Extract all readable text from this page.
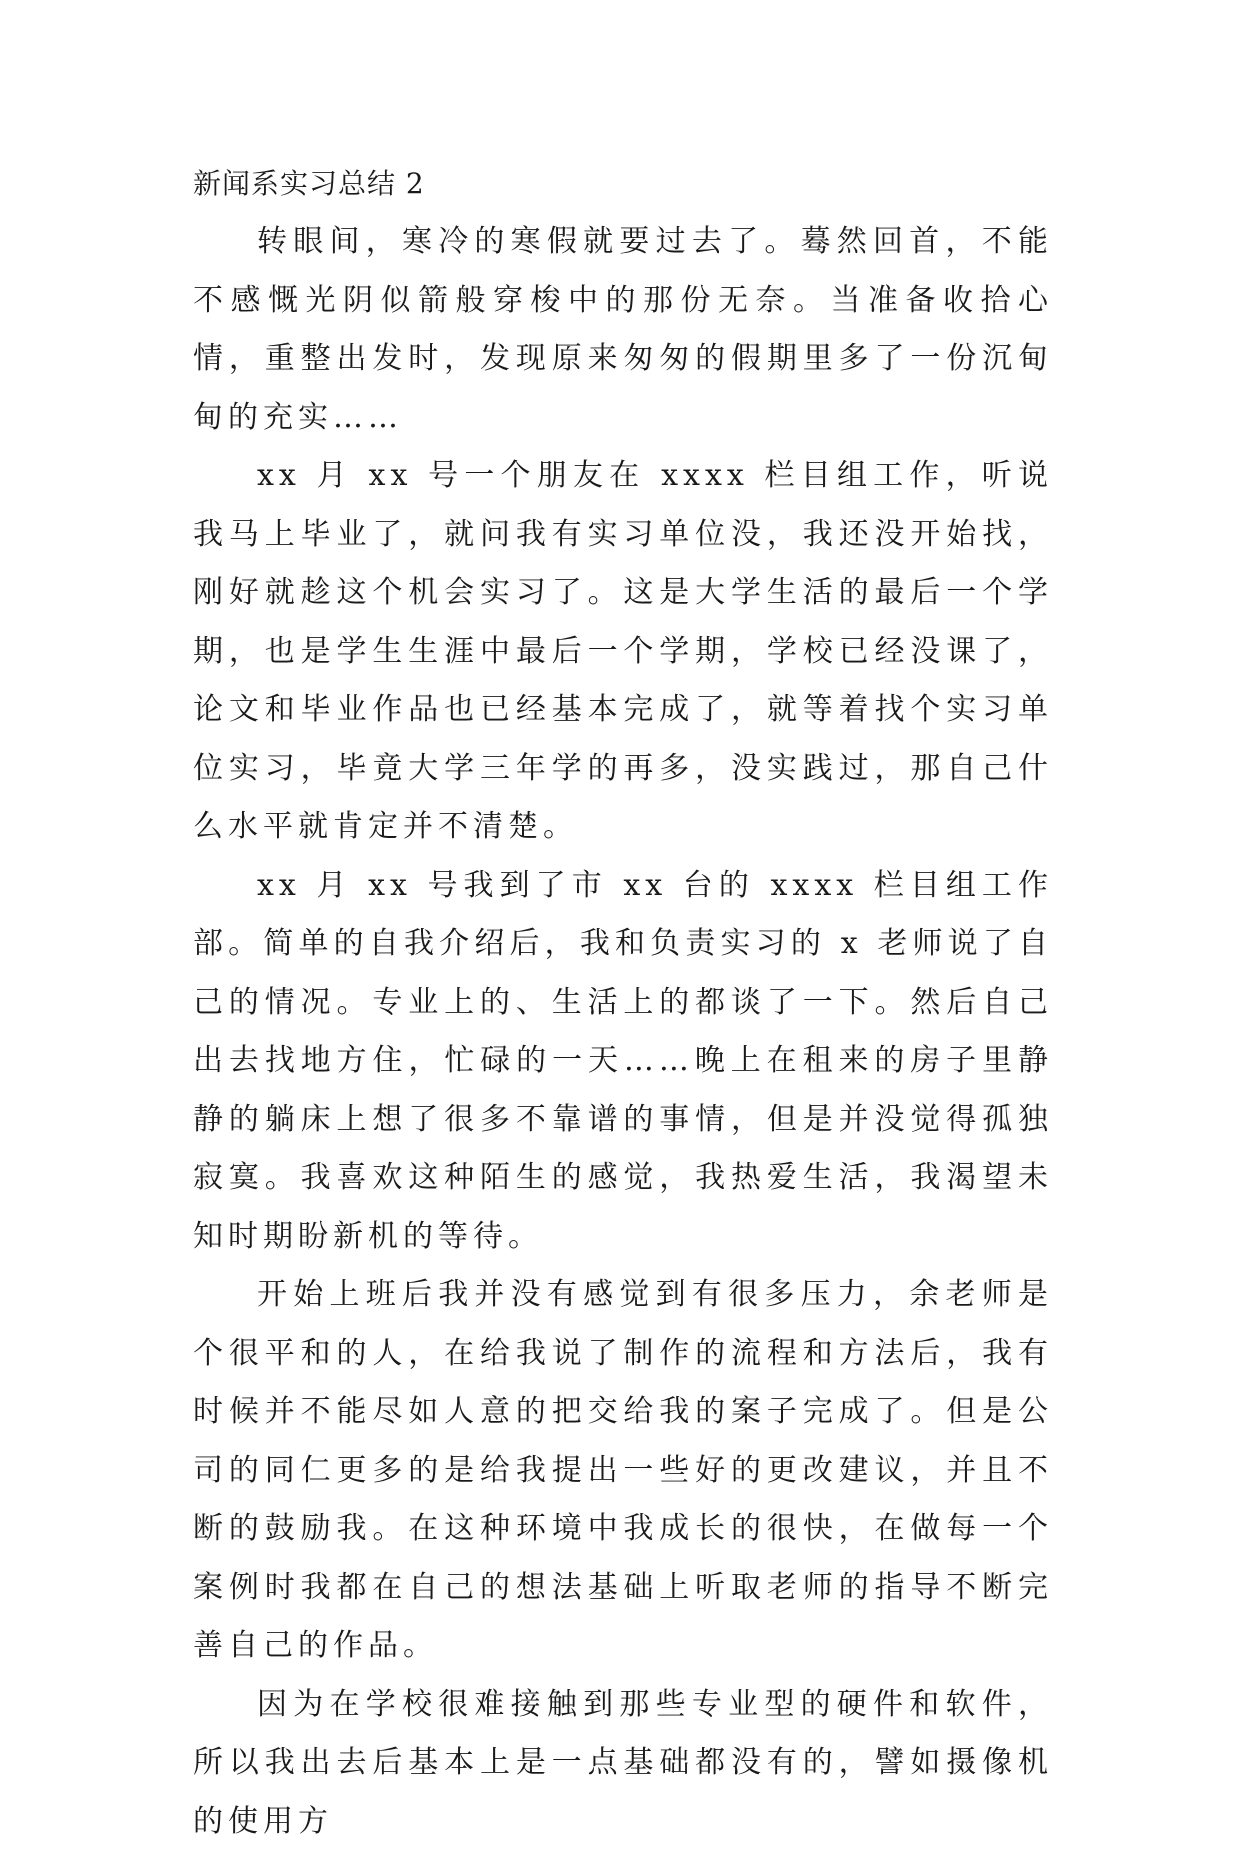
新闻系实习总结 2

转眼间，寒冷的寒假就要过去了。蓦然回首，不能不感慨光阴似箭般穿梭中的那份无奈。当准备收拾心情，重整出发时，发现原来匆匆的假期里多了一份沉甸甸的充实……

xx 月 xx 号一个朋友在 xxxx 栏目组工作，听说我马上毕业了，就问我有实习单位没，我还没开始找，刚好就趁这个机会实习了。这是大学生活的最后一个学期，也是学生生涯中最后一个学期，学校已经没课了，论文和毕业作品也已经基本完成了，就等着找个实习单位实习，毕竟大学三年学的再多，没实践过，那自己什么水平就肯定并不清楚。

xx 月 xx 号我到了市 xx 台的 xxxx 栏目组工作部。简单的自我介绍后，我和负责实习的 x 老师说了自己的情况。专业上的、生活上的都谈了一下。然后自己出去找地方住，忙碌的一天……晚上在租来的房子里静静的躺床上想了很多不靠谱的事情，但是并没觉得孤独寂寞。我喜欢这种陌生的感觉，我热爱生活，我渴望未知时期盼新机的等待。

开始上班后我并没有感觉到有很多压力，余老师是个很平和的人，在给我说了制作的流程和方法后，我有时候并不能尽如人意的把交给我的案子完成了。但是公司的同仁更多的是给我提出一些好的更改建议，并且不断的鼓励我。在这种环境中我成长的很快，在做每一个案例时我都在自己的想法基础上听取老师的指导不断完善自己的作品。

因为在学校很难接触到那些专业型的硬件和软件，所以我出去后基本上是一点基础都没有的，譬如摄像机的使用方
